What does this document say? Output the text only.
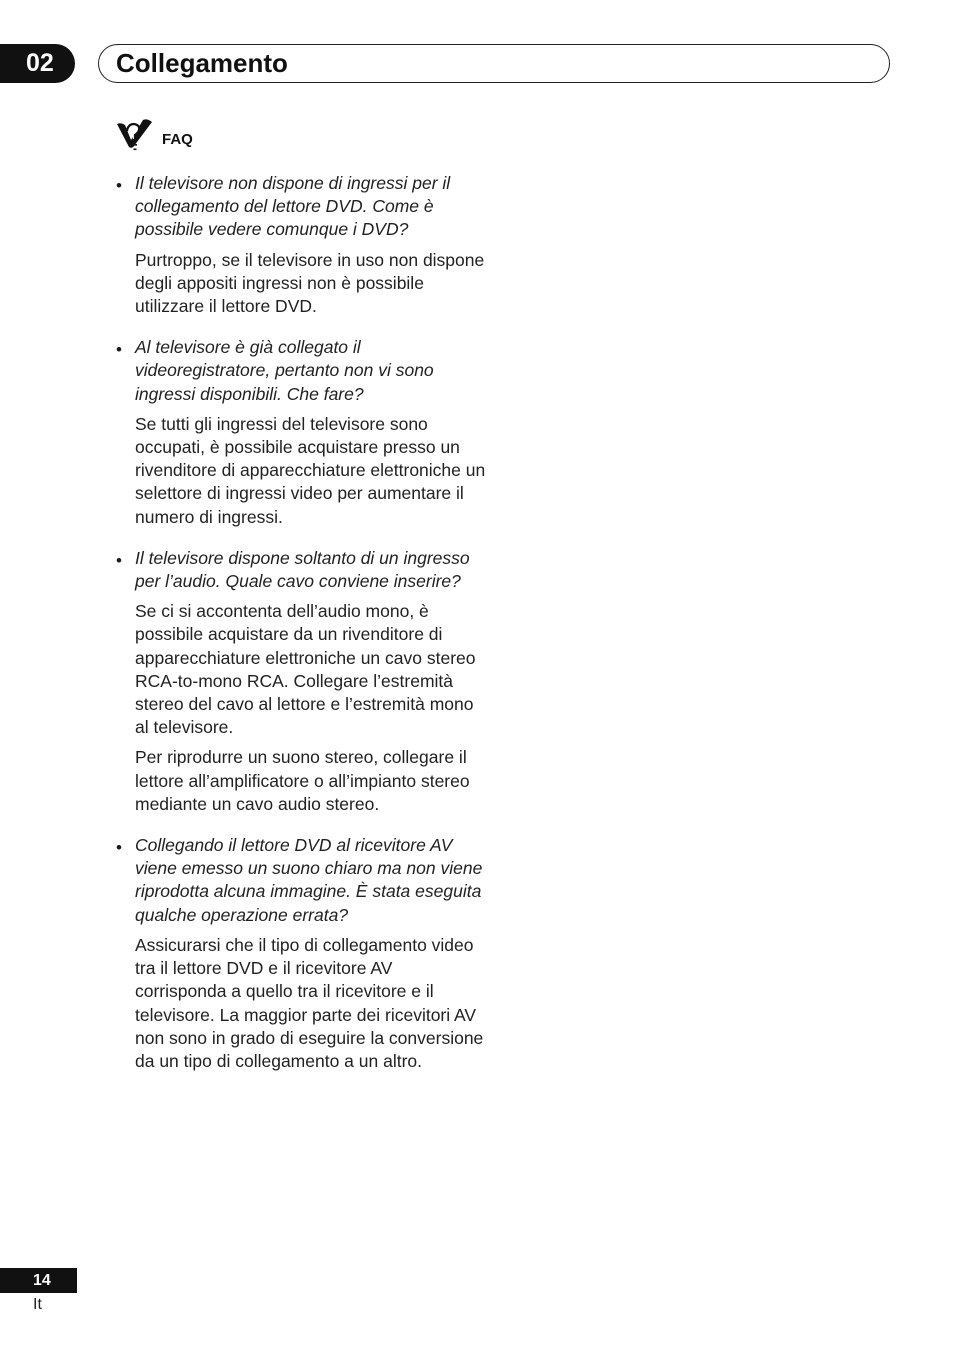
02	Collegamento
FAQ
• Il televisore non dispone di ingressi per il collegamento del lettore DVD. Come è possibile vedere comunque i DVD?

Purtroppo, se il televisore in uso non dispone degli appositi ingressi non è possibile utilizzare il lettore DVD.

• Al televisore è già collegato il videoregistratore, pertanto non vi sono ingressi disponibili. Che fare?

Se tutti gli ingressi del televisore sono occupati, è possibile acquistare presso un rivenditore di apparecchiature elettroniche un selettore di ingressi video per aumentare il numero di ingressi.

• Il televisore dispone soltanto di un ingresso per l’audio. Quale cavo conviene inserire?

Se ci si accontenta dell’audio mono, è possibile acquistare da un rivenditore di apparecchiature elettroniche un cavo stereo RCA-to-mono RCA. Collegare l’estremità stereo del cavo al lettore e l’estremità mono al televisore.

Per riprodurre un suono stereo, collegare il lettore all’amplificatore o all’impianto stereo mediante un cavo audio stereo.

• Collegando il lettore DVD al ricevitore AV viene emesso un suono chiaro ma non viene riprodotta alcuna immagine. È stata eseguita qualche operazione errata?

Assicurarsi che il tipo di collegamento video tra il lettore DVD e il ricevitore AV corrisponda a quello tra il ricevitore e il televisore. La maggior parte dei ricevitori AV non sono in grado di eseguire la conversione da un tipo di collegamento a un altro.

14
It
